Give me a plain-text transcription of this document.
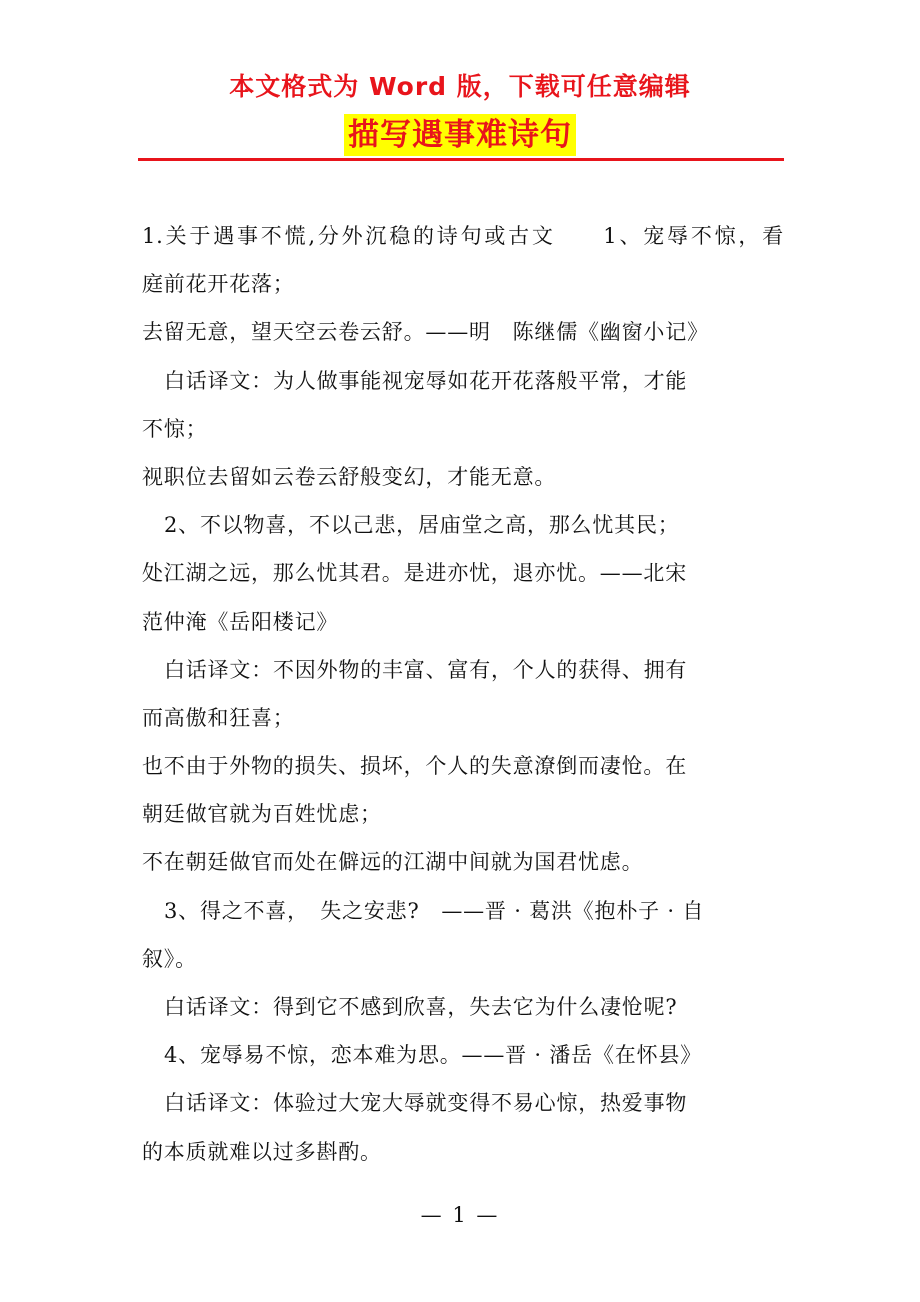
本文格式为 Word 版，下载可任意编辑
描写遇事难诗句
1.关于遇事不慌,分外沉稳的诗句或古文　　1、宠辱不惊，看
庭前花开花落；
去留无意，望天空云卷云舒。——明　陈继儒《幽窗小记》
白话译文：为人做事能视宠辱如花开花落般平常，才能
不惊；
视职位去留如云卷云舒般变幻，才能无意。
2、不以物喜，不以己悲，居庙堂之高，那么忧其民；
处江湖之远，那么忧其君。是进亦忧，退亦忧。——北宋
范仲淹《岳阳楼记》
白话译文：不因外物的丰富、富有，个人的获得、拥有
而高傲和狂喜；
也不由于外物的损失、损坏，个人的失意潦倒而凄怆。在
朝廷做官就为百姓忧虑；
不在朝廷做官而处在僻远的江湖中间就为国君忧虑。
3、得之不喜，　失之安悲?　——晋 · 葛洪《抱朴子 · 自
叙》。
白话译文：得到它不感到欣喜，失去它为什么凄怆呢?
4、宠辱易不惊，恋本难为思。——晋 · 潘岳《在怀县》
白话译文：体验过大宠大辱就变得不易心惊，热爱事物
的本质就难以过多斟酌。
— 1 —
